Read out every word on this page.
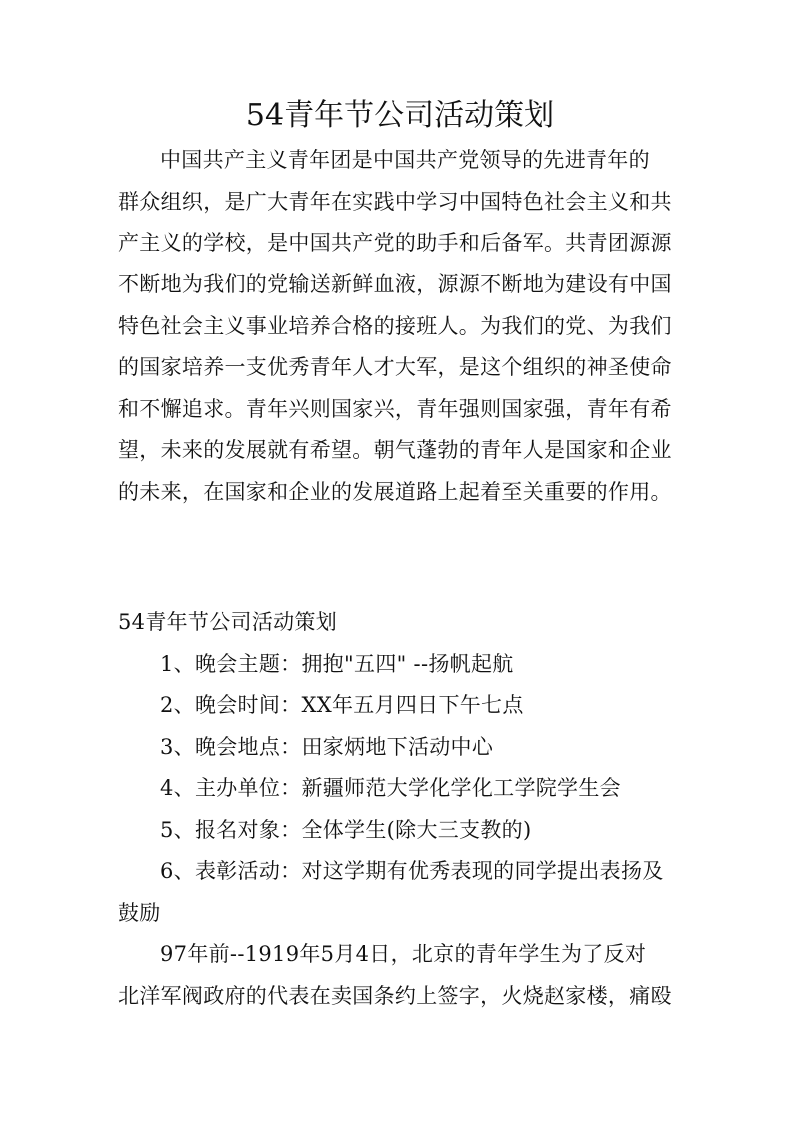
54青年节公司活动策划
中国共产主义青年团是中国共产党领导的先进青年的
群众组织，是广大青年在实践中学习中国特色社会主义和共
产主义的学校，是中国共产党的助手和后备军。共青团源源
不断地为我们的党输送新鲜血液，源源不断地为建设有中国
特色社会主义事业培养合格的接班人。为我们的党、为我们
的国家培养一支优秀青年人才大军，是这个组织的神圣使命
和不懈追求。青年兴则国家兴，青年强则国家强，青年有希
望，未来的发展就有希望。朝气蓬勃的青年人是国家和企业
的未来，在国家和企业的发展道路上起着至关重要的作用。
54青年节公司活动策划
1、晚会主题：拥抱"五四" --扬帆起航
2、晚会时间：XX年五月四日下午七点
3、晚会地点：田家炳地下活动中心
4、主办单位：新疆师范大学化学化工学院学生会
5、报名对象：全体学生(除大三支教的)
6、表彰活动：对这学期有优秀表现的同学提出表扬及
鼓励
97年前--1919年5月4日，北京的青年学生为了反对
北洋军阀政府的代表在卖国条约上签字，火烧赵家楼，痛殴
